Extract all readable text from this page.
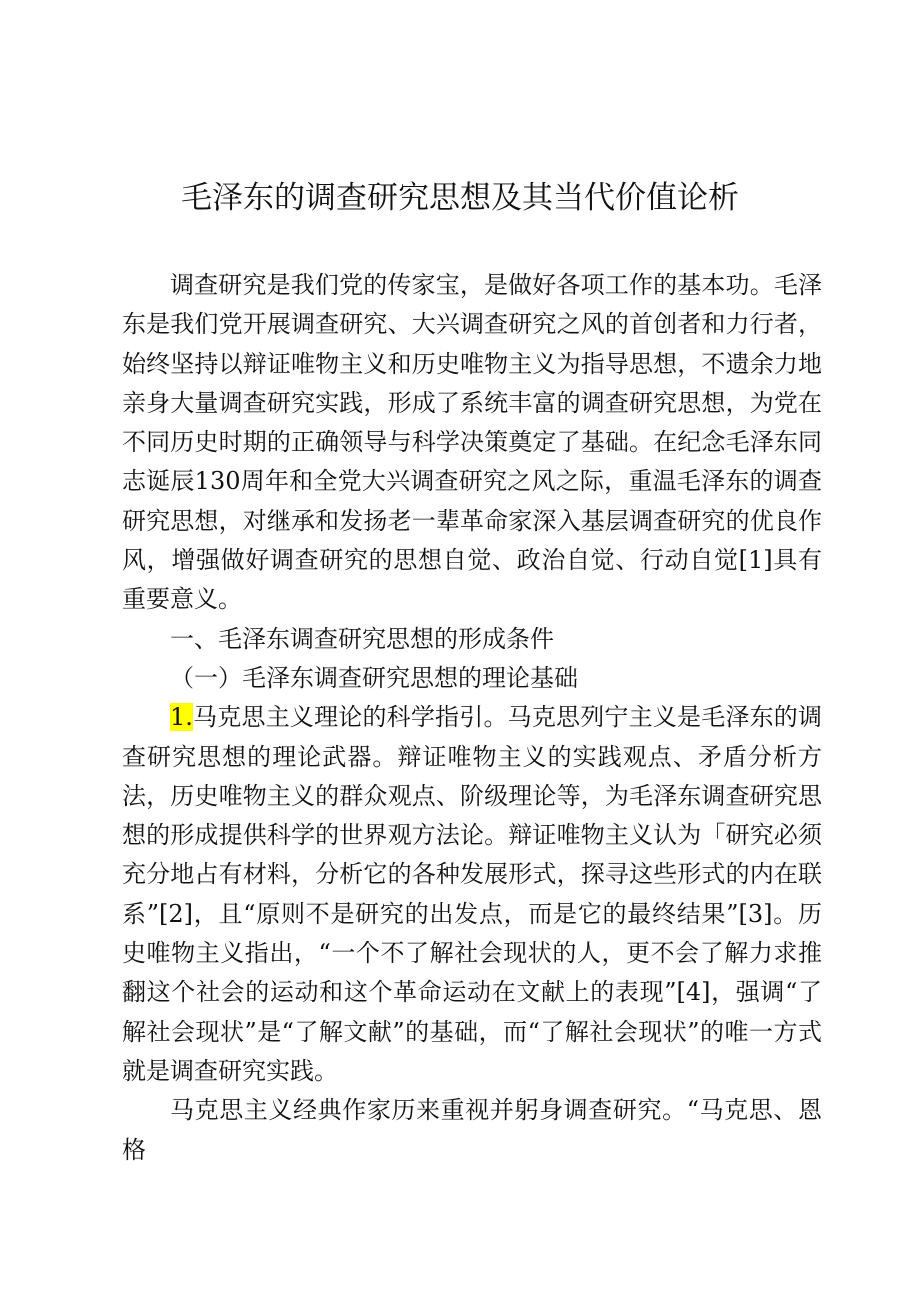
毛泽东的调查研究思想及其当代价值论析

调查研究是我们党的传家宝，是做好各项工作的基本功。毛泽东是我们党开展调查研究、大兴调查研究之风的首创者和力行者，始终坚持以辩证唯物主义和历史唯物主义为指导思想，不遗余力地亲身大量调查研究实践，形成了系统丰富的调查研究思想，为党在不同历史时期的正确领导与科学决策奠定了基础。在纪念毛泽东同志诞辰130周年和全党大兴调查研究之风之际，重温毛泽东的调查研究思想，对继承和发扬老一辈革命家深入基层调查研究的优良作风，增强做好调查研究的思想自觉、政治自觉、行动自觉[1]具有重要意义。

一、毛泽东调查研究思想的形成条件

（一）毛泽东调查研究思想的理论基础

1.马克思主义理论的科学指引。马克思列宁主义是毛泽东的调查研究思想的理论武器。辩证唯物主义的实践观点、矛盾分析方法，历史唯物主义的群众观点、阶级理论等，为毛泽东调查研究思想的形成提供科学的世界观方法论。辩证唯物主义认为「研究必须充分地占有材料，分析它的各种发展形式，探寻这些形式的内在联系”[2]，且“原则不是研究的出发点，而是它的最终结果”[3]。历史唯物主义指出，“一个不了解社会现状的人，更不会了解力求推翻这个社会的运动和这个革命运动在文献上的表现”[4]，强调“了解社会现状”是“了解文献”的基础，而“了解社会现状”的唯一方式就是调查研究实践。

马克思主义经典作家历来重视并躬身调查研究。“马克思、恩格
